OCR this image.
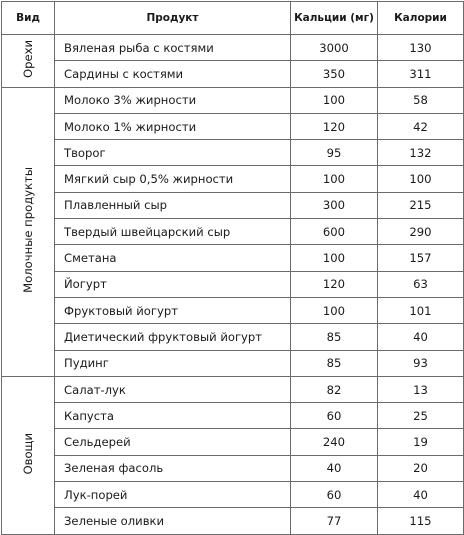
Вид	Продукт	Кальции (мг)	Калории
Орехи	Вяленая рыба с костями	3000	130
	Сардины с костями	350	311
Молочные продукты	Молоко 3% жирности	100	58
	Молоко 1% жирности	120	42
	Творог	95	132
	Мягкий сыр 0,5% жирности	100	100
	Плавленный сыр	300	215
	Твердый швейцарский сыр	600	290
	Сметана	100	157
	Йогурт	120	63
	Фруктовый йогурт	100	101
	Диетический фруктовый йогурт	85	40
	Пудинг	85	93
Овощи	Салат-лук	82	13
	Капуста	60	25
	Сельдерей	240	19
	Зеленая фасоль	40	20
	Лук-порей	60	40
	Зеленые оливки	77	115
